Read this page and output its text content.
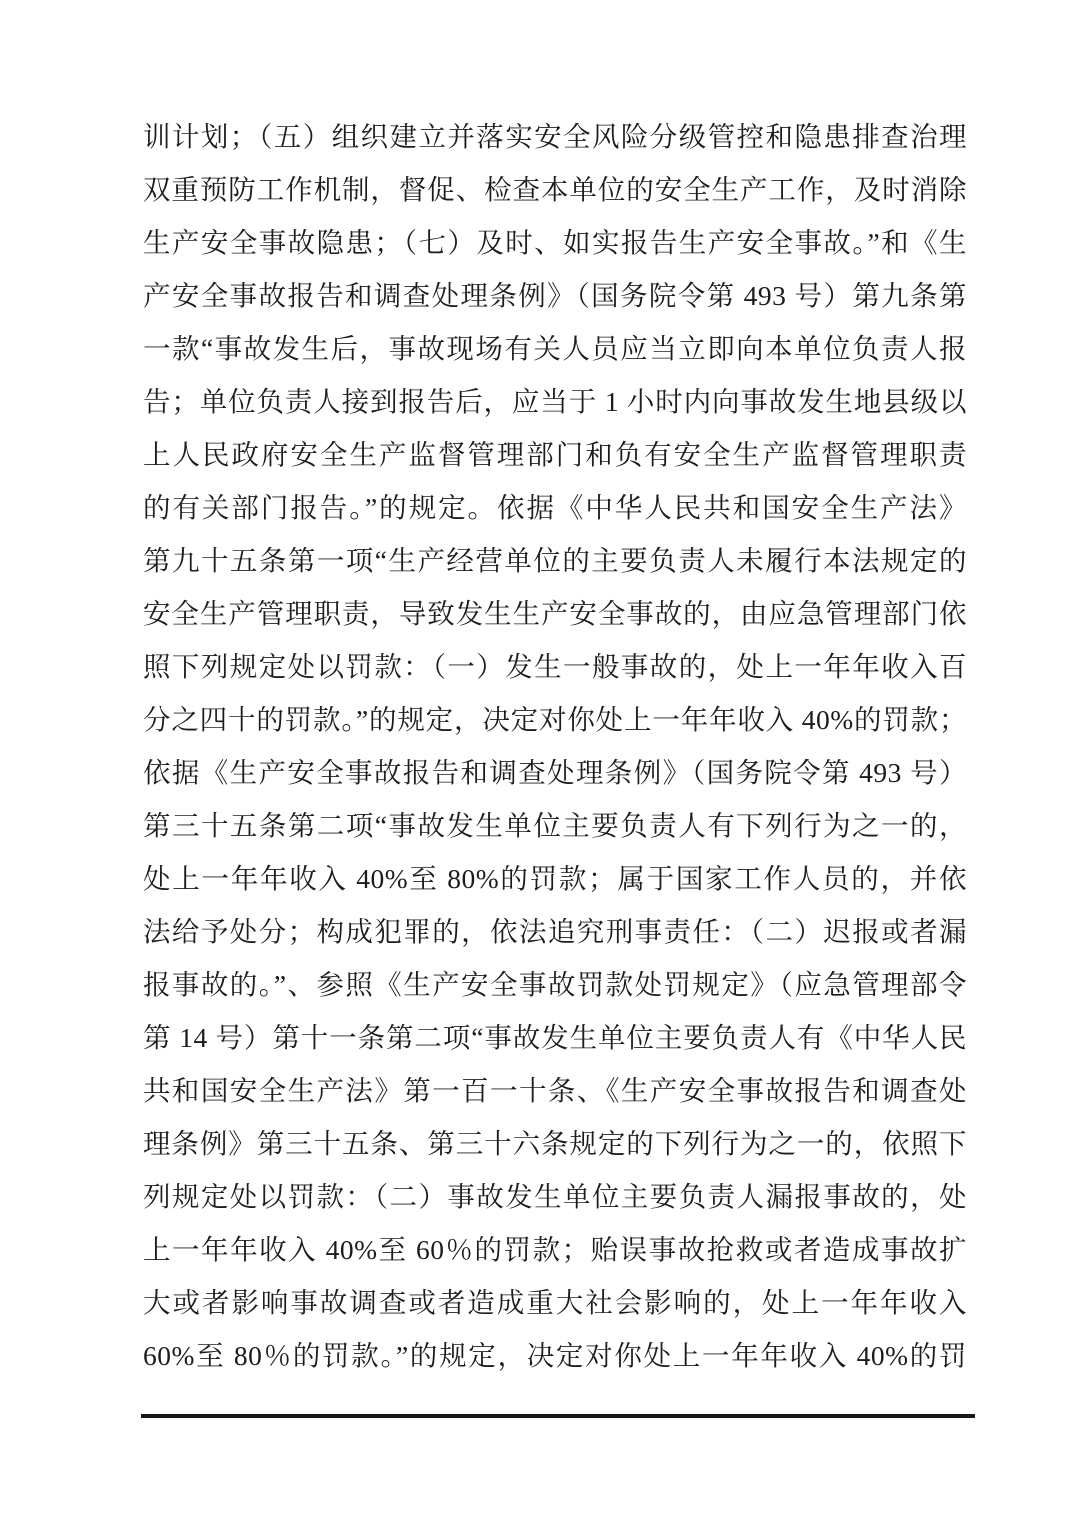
训计划；（五）组织建立并落实安全风险分级管控和隐患排查治理
双重预防工作机制，督促、检查本单位的安全生产工作，及时消除
生产安全事故隐患；（七）及时、如实报告生产安全事故。”和《生
产安全事故报告和调查处理条例》（国务院令第 493 号）第九条第
一款“事故发生后，事故现场有关人员应当立即向本单位负责人报
告；单位负责人接到报告后，应当于 1 小时内向事故发生地县级以
上人民政府安全生产监督管理部门和负有安全生产监督管理职责
的有关部门报告。”的规定。依据《中华人民共和国安全生产法》
第九十五条第一项“生产经营单位的主要负责人未履行本法规定的
安全生产管理职责，导致发生生产安全事故的，由应急管理部门依
照下列规定处以罚款：（一）发生一般事故的，处上一年年收入百
分之四十的罚款。”的规定，决定对你处上一年年收入 40%的罚款；
依据《生产安全事故报告和调查处理条例》（国务院令第 493 号）
第三十五条第二项“事故发生单位主要负责人有下列行为之一的，
处上一年年收入 40%至 80%的罚款；属于国家工作人员的，并依
法给予处分；构成犯罪的，依法追究刑事责任：（二）迟报或者漏
报事故的。”、参照《生产安全事故罚款处罚规定》（应急管理部令
第 14 号）第十一条第二项“事故发生单位主要负责人有《中华人民
共和国安全生产法》第一百一十条、《生产安全事故报告和调查处
理条例》第三十五条、第三十六条规定的下列行为之一的，依照下
列规定处以罚款：（二）事故发生单位主要负责人漏报事故的，处
上一年年收入 40%至 60％的罚款；贻误事故抢救或者造成事故扩
大或者影响事故调查或者造成重大社会影响的，处上一年年收入
60%至 80％的罚款。”的规定，决定对你处上一年年收入 40%的罚
